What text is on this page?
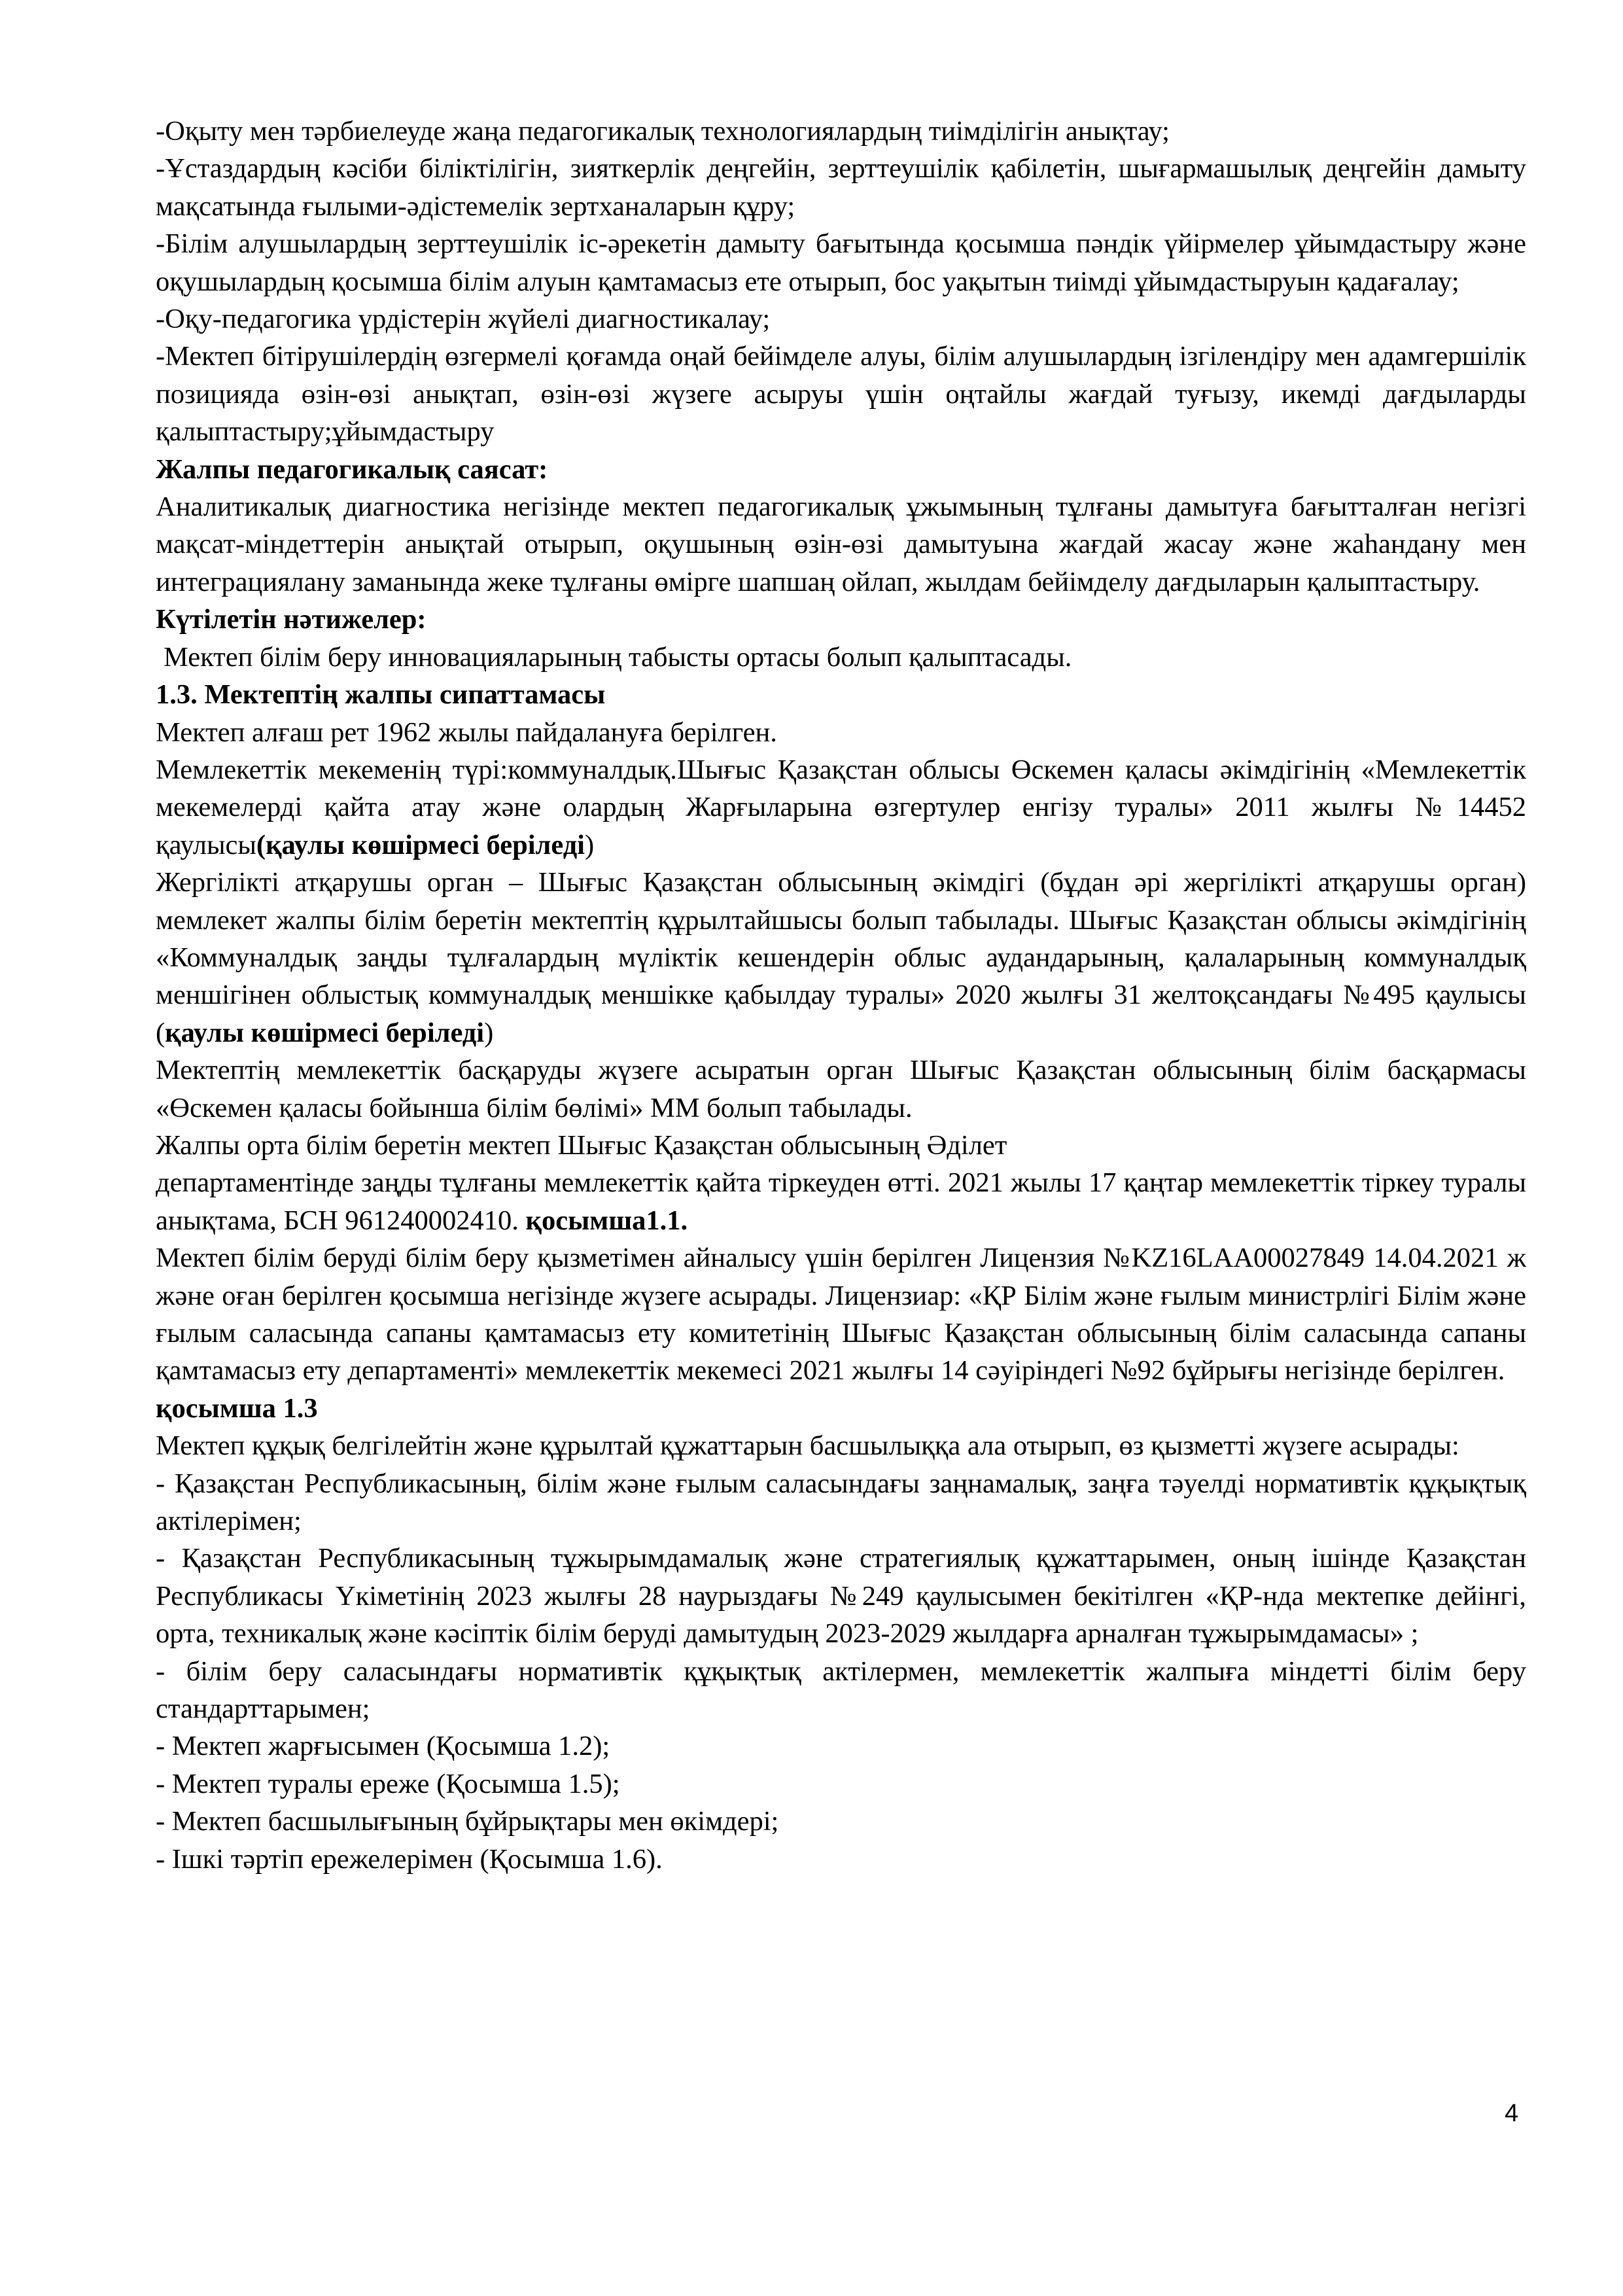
-Оқыту мен тәрбиелеуде жаңа педагогикалық технологиялардың тиімділігін анықтау;

-Ұстаздардың кәсіби біліктілігін, зияткерлік деңгейін, зерттеушілік қабілетін, шығармашылық деңгейін дамыту мақсатында ғылыми-әдістемелік зертханаларын құру;

-Білім алушылардың зерттеушілік іс-әрекетін дамыту бағытында қосымша пәндік үйірмелер ұйымдастыру және оқушылардың қосымша білім алуын қамтамасыз ете отырып, бос уақытын тиімді ұйымдастыруын қадағалау;

-Оқу-педагогика үрдістерін жүйелі диагностикалау;

-Мектеп бітірушілердің өзгермелі қоғамда оңай бейімделе алуы, білім алушылардың ізгілендіру мен адамгершілік позицияда өзін-өзі анықтап, өзін-өзі жүзеге асыруы үшін оңтайлы жағдай туғызу, икемді дағдыларды қалыптастыру;ұйымдастыру

Жалпы педагогикалық саясат:

Аналитикалық диагностика негізінде мектеп педагогикалық ұжымының тұлғаны дамытуға бағытталған негізгі мақсат-міндеттерін анықтай отырып, оқушының өзін-өзі дамытуына жағдай жасау және жаһандану мен интеграциялану заманында жеке тұлғаны өмірге шапшаң ойлап, жылдам бейімделу дағдыларын қалыптастыру.

Күтілетін нәтижелер:

Мектеп білім беру инновацияларының табысты ортасы болып қалыптасады.

1.3. Мектептің жалпы сипаттамасы

Мектеп алғаш рет 1962 жылы пайдалануға берілген.

Мемлекеттік мекеменің түрі:коммуналдық.Шығыс Қазақстан облысы Өскемен қаласы әкімдігінің «Мемлекеттік мекемелерді қайта атау және олардың Жарғыларына өзгертулер енгізу туралы» 2011 жылғы №14452 қаулысы(қаулы көшірмесі беріледі)

Жергілікті атқарушы орган – Шығыс Қазақстан облысының әкімдігі (бұдан әрі жергілікті атқарушы орган) мемлекет жалпы білім беретін мектептің құрылтайшысы болып табылады. Шығыс Қазақстан облысы әкімдігінің «Коммуналдық заңды тұлғалардың мүліктік кешендерін облыс аудандарының, қалаларының коммуналдық меншігінен облыстық коммуналдық меншікке қабылдау туралы» 2020 жылғы 31 желтоқсандағы №495 қаулысы (қаулы көшірмесі беріледі)

Мектептің мемлекеттік басқаруды жүзеге асыратын орган Шығыс Қазақстан облысының білім басқармасы «Өскемен қаласы бойынша білім бөлімі» ММ болып табылады.

Жалпы орта білім беретін мектеп Шығыс Қазақстан облысының Әділет

департаментінде заңды тұлғаны мемлекеттік қайта тіркеуден өтті. 2021 жылы 17 қаңтар мемлекеттік тіркеу туралы анықтама, БСН 961240002410. қосымша1.1.

Мектеп білім беруді білім беру қызметімен айналысу үшін берілген Лицензия №KZ16LAA00027849 14.04.2021 ж және оған берілген қосымша негізінде жүзеге асырады. Лицензиар: «ҚР Білім және ғылым министрлігі Білім және ғылым саласында сапаны қамтамасыз ету комитетінің Шығыс Қазақстан облысының білім саласында сапаны қамтамасыз ету департаменті» мемлекеттік мекемесі 2021 жылғы 14 сәуіріндегі №92 бұйрығы негізінде берілген.

қосымша 1.3

Мектеп құқық белгілейтін және құрылтай құжаттарын басшылыққа ала отырып, өз қызметті жүзеге асырады:

- Қазақстан Республикасының, білім және ғылым саласындағы заңнамалық, заңға тәуелді нормативтік құқықтық актілерімен;

- Қазақстан Республикасының тұжырымдамалық және стратегиялық құжаттарымен, оның ішінде Қазақстан Республикасы Үкіметінің 2023 жылғы 28 наурыздағы №249 қаулысымен бекітілген «ҚР-нда мектепке дейінгі, орта, техникалық және кәсіптік білім беруді дамытудың 2023-2029 жылдарға арналған тұжырымдамасы» ;

- білім беру саласындағы нормативтік құқықтық актілермен, мемлекеттік жалпыға міндетті білім беру стандарттарымен;

- Мектеп жарғысымен (Қосымша 1.2);

- Мектеп туралы ереже (Қосымша 1.5);

- Мектеп басшылығының бұйрықтары мен өкімдері;

- Ішкі тәртіп ережелерімен (Қосымша 1.6).

4
